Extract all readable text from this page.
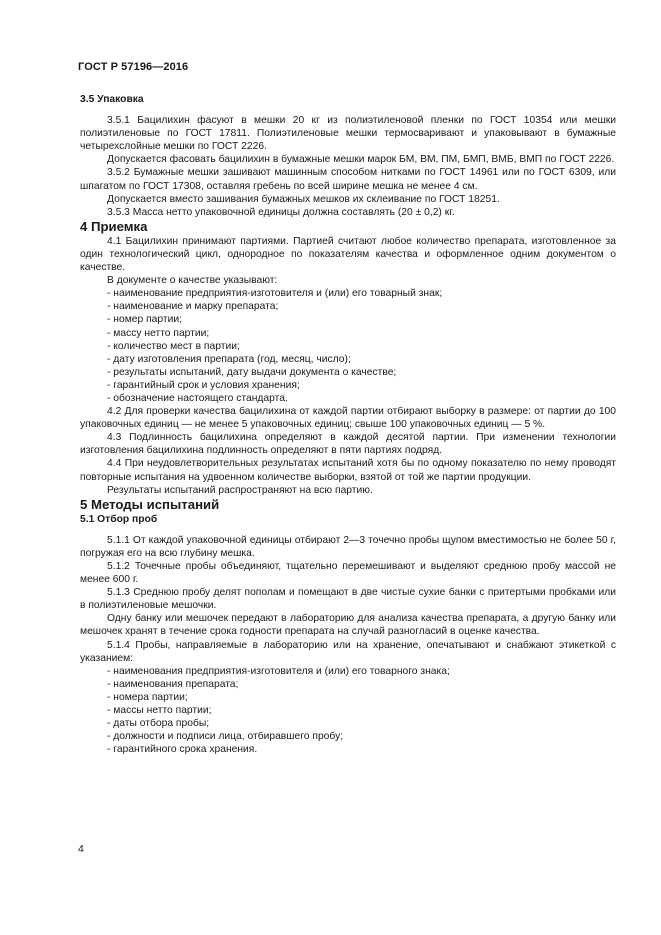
ГОСТ Р 57196—2016

3.5 Упаковка

3.5.1 Бацилихин фасуют в мешки 20 кг из полиэтиленовой пленки по ГОСТ 10354 или мешки полиэтиленовые по ГОСТ 17811. Полиэтиленовые мешки термосваривают и упаковывают в бумажные четырехслойные мешки по ГОСТ 2226.

Допускается фасовать бацилихин в бумажные мешки марок БМ, ВМ, ПМ, БМП, ВМБ, ВМП по ГОСТ 2226.

3.5.2 Бумажные мешки зашивают машинным способом нитками по ГОСТ 14961 или по ГОСТ 6309, или шпагатом по ГОСТ 17308, оставляя гребень по всей ширине мешка не менее 4 см.

Допускается вместо зашивания бумажных мешков их склеивание по ГОСТ 18251.

3.5.3 Масса нетто упаковочной единицы должна составлять (20 ± 0,2) кг.

4 Приемка

4.1 Бацилихин принимают партиями. Партией считают любое количество препарата, изготовленное за один технологический цикл, однородное по показателям качества и оформленное одним документом о качестве.

В документе о качестве указывают:

- наименование предприятия-изготовителя и (или) его товарный знак;

- наименование и марку препарата;

- номер партии;

- массу нетто партии;

- количество мест в партии;

- дату изготовления препарата (год, месяц, число);

- результаты испытаний, дату выдачи документа о качестве;

- гарантийный срок и условия хранения;

- обозначение настоящего стандарта.

4.2 Для проверки качества бацилихина от каждой партии отбирают выборку в размере: от партии до 100 упаковочных единиц — не менее 5 упаковочных единиц; свыше 100 упаковочных единиц — 5 %.

4.3 Подлинность бацилихина определяют в каждой десятой партии. При изменении технологии изготовления бацилихина подлинность определяют в пяти партиях подряд.

4.4 При неудовлетворительных результатах испытаний хотя бы по одному показателю по нему проводят повторные испытания на удвоенном количестве выборки, взятой от той же партии продукции.

Результаты испытаний распространяют на всю партию.

5 Методы испытаний

5.1 Отбор проб

5.1.1 От каждой упаковочной единицы отбирают 2—3 точечно пробы щупом вместимостью не более 50 г, погружая его на всю глубину мешка.

5.1.2 Точечные пробы объединяют, тщательно перемешивают и выделяют среднюю пробу массой не менее 600 г.

5.1.3 Среднюю пробу делят пополам и помещают в две чистые сухие банки с притертыми пробками или в полиэтиленовые мешочки.

Одну банку или мешочек передают в лабораторию для анализа качества препарата, а другую банку или мешочек хранят в течение срока годности препарата на случай разногласий в оценке качества.

5.1.4 Пробы, направляемые в лабораторию или на хранение, опечатывают и снабжают этикеткой с указанием:

- наименования предприятия-изготовителя и (или) его товарного знака;

- наименования препарата;

- номера партии;

- массы нетто партии;

- даты отбора пробы;

- должности и подписи лица, отбиравшего пробу;

- гарантийного срока хранения.

4
